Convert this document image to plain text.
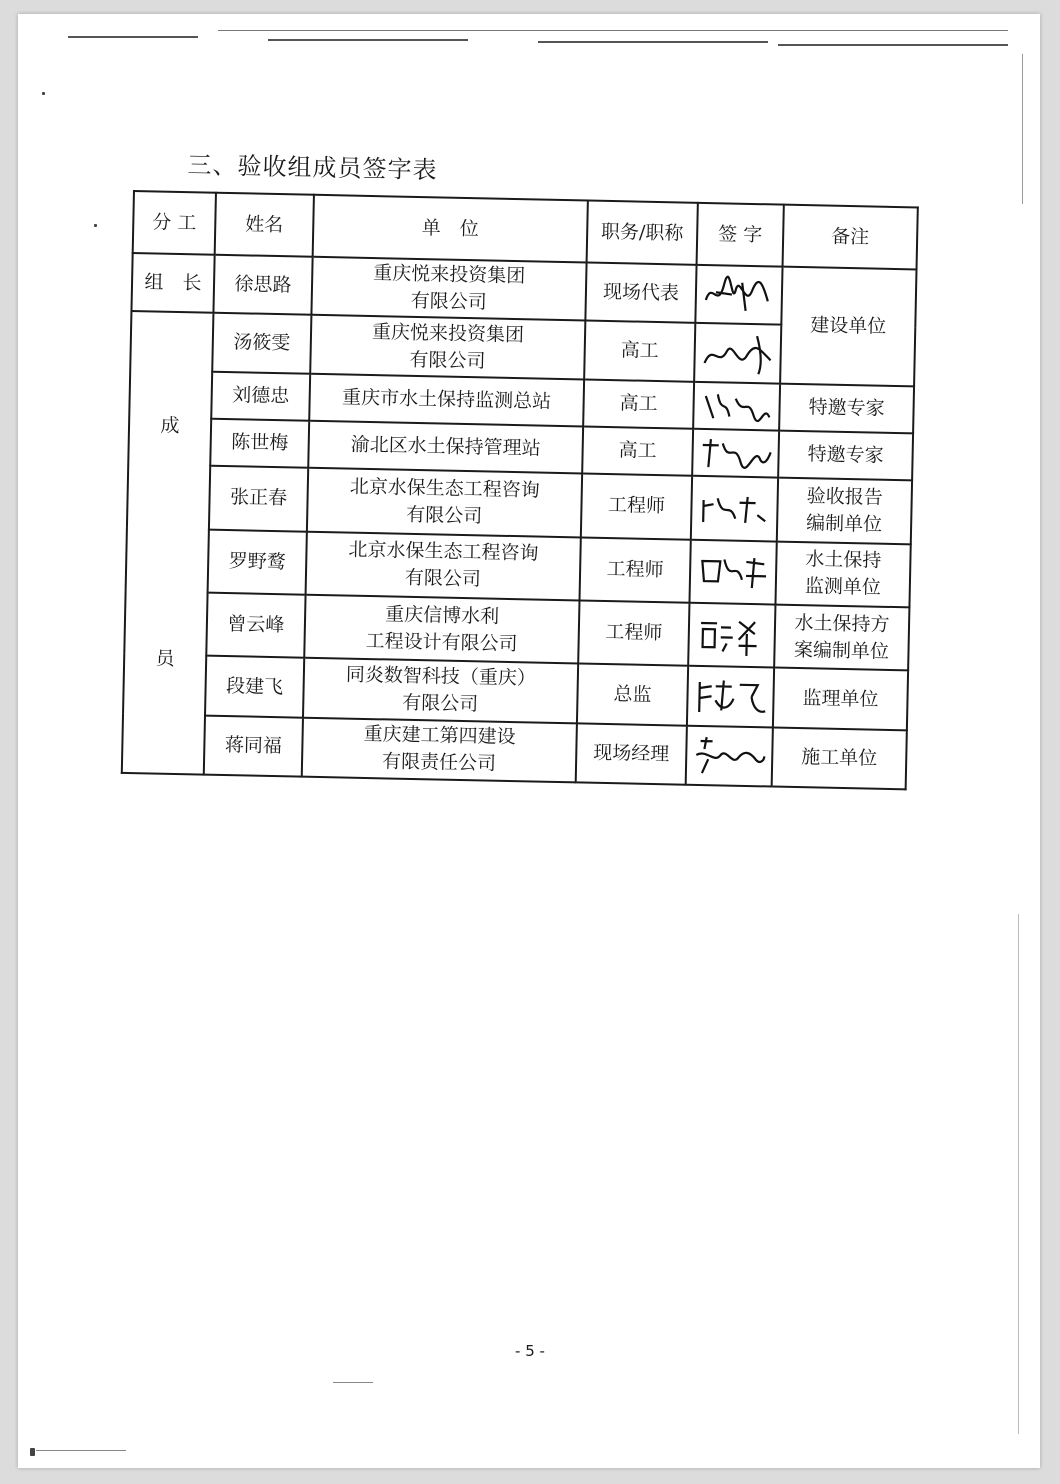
三、验收组成员签字表
分 工	姓名	单　位	职务/职称	签 字	备注
组　长	徐思路	重庆悦来投资集团
有限公司	现场代表		建设单位

成
员	汤筱雯	重庆悦来投资集团
有限公司	高工	

	刘德忠	重庆市水土保持监测总站	高工		特邀专家
	陈世梅	渝北区水土保持管理站	高工		特邀专家
	张正春	北京水保生态工程咨询
有限公司	工程师		验收报告
编制单位
	罗野鹜	北京水保生态工程咨询
有限公司	工程师		水土保持
监测单位
	曾云峰	重庆信博水利
工程设计有限公司	工程师		水土保持方
案编制单位
	段建飞	同炎数智科技（重庆）
有限公司	总监		监理单位
	蒋同福	重庆建工第四建设
有限责任公司	现场经理		施工单位
- 5 -
